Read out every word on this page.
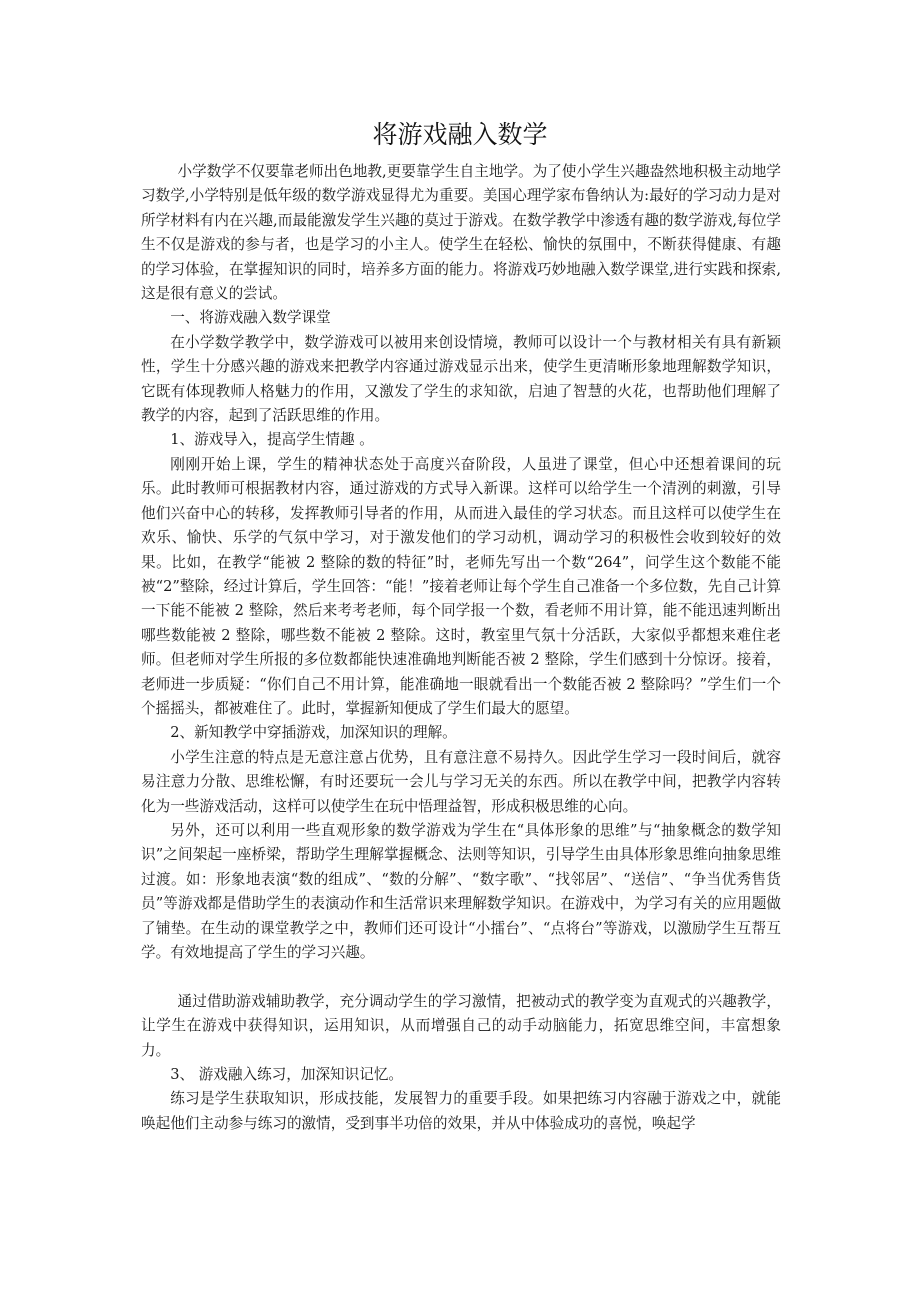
将游戏融入数学

小学数学不仅要靠老师出色地教,更要靠学生自主地学。为了使小学生兴趣盎然地积极主动地学习数学,小学特别是低年级的数学游戏显得尤为重要。美国心理学家布鲁纳认为:最好的学习动力是对所学材料有内在兴趣,而最能激发学生兴趣的莫过于游戏。在数学教学中渗透有趣的数学游戏,每位学生不仅是游戏的参与者，也是学习的小主人。使学生在轻松、愉快的氛围中，不断获得健康、有趣的学习体验，在掌握知识的同时，培养多方面的能力。将游戏巧妙地融入数学课堂,进行实践和探索,这是很有意义的尝试。

一、将游戏融入数学课堂

在小学数学教学中，数学游戏可以被用来创设情境，教师可以设计一个与教材相关有具有新颖性，学生十分感兴趣的游戏来把教学内容通过游戏显示出来，使学生更清晰形象地理解数学知识，它既有体现教师人格魅力的作用，又激发了学生的求知欲，启迪了智慧的火花，也帮助他们理解了教学的内容，起到了活跃思维的作用。

1、游戏导入，提高学生情趣 。

刚刚开始上课，学生的精神状态处于高度兴奋阶段，人虽进了课堂，但心中还想着课间的玩乐。此时教师可根据教材内容，通过游戏的方式导入新课。这样可以给学生一个清洌的刺激，引导他们兴奋中心的转移，发挥教师引导者的作用，从而进入最佳的学习状态。而且这样可以使学生在欢乐、愉快、乐学的气氛中学习，对于激发他们的学习动机，调动学习的积极性会收到较好的效果。比如，在教学“能被 2 整除的数的特征”时，老师先写出一个数“264”，问学生这个数能不能被“2”整除，经过计算后，学生回答：“能！”接着老师让每个学生自己准备一个多位数，先自己计算一下能不能被 2 整除，然后来考考老师，每个同学报一个数，看老师不用计算，能不能迅速判断出哪些数能被 2 整除，哪些数不能被 2 整除。这时，教室里气氛十分活跃，大家似乎都想来难住老师。但老师对学生所报的多位数都能快速准确地判断能否被 2 整除，学生们感到十分惊讶。接着，老师进一步质疑：“你们自己不用计算，能准确地一眼就看出一个数能否被 2 整除吗？”学生们一个个摇摇头，都被难住了。此时，掌握新知便成了学生们最大的愿望。

2、新知教学中穿插游戏，加深知识的理解。

小学生注意的特点是无意注意占优势，且有意注意不易持久。因此学生学习一段时间后，就容易注意力分散、思维松懈，有时还要玩一会儿与学习无关的东西。所以在教学中间，把教学内容转化为一些游戏活动，这样可以使学生在玩中悟理益智，形成积极思维的心向。

另外，还可以利用一些直观形象的数学游戏为学生在“具体形象的思维”与“抽象概念的数学知识”之间架起一座桥梁，帮助学生理解掌握概念、法则等知识，引导学生由具体形象思维向抽象思维过渡。如：形象地表演“数的组成”、“数的分解”、“数字歌”、“找邻居”、“送信”、“争当优秀售货员”等游戏都是借助学生的表演动作和生活常识来理解数学知识。在游戏中，为学习有关的应用题做了铺垫。在生动的课堂教学之中，教师们还可设计“小擂台”、“点将台”等游戏，以激励学生互帮互学。有效地提高了学生的学习兴趣。

通过借助游戏辅助教学，充分调动学生的学习激情，把被动式的教学变为直观式的兴趣教学，让学生在游戏中获得知识，运用知识，从而增强自己的动手动脑能力，拓宽思维空间，丰富想象力。

3、 游戏融入练习，加深知识记忆。

练习是学生获取知识，形成技能，发展智力的重要手段。如果把练习内容融于游戏之中，就能唤起他们主动参与练习的激情，受到事半功倍的效果，并从中体验成功的喜悦，唤起学
